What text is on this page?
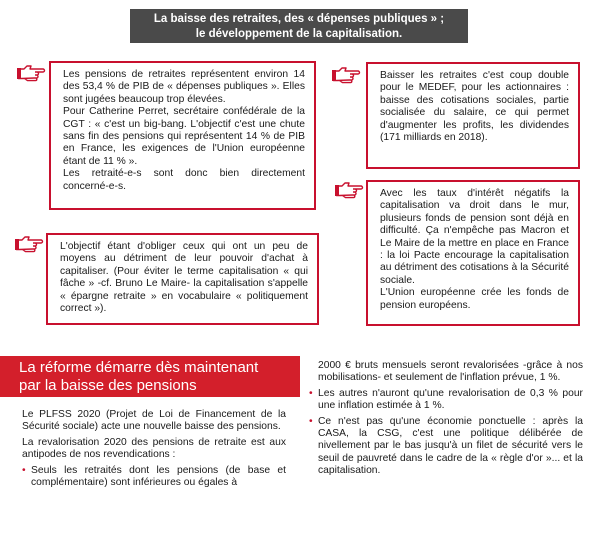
La baisse des retraites, des « dépenses publiques » ;
le développement de la capitalisation.

Les pensions de retraites représentent environ 14 des 53,4 % de PIB de « dépenses publiques ». Elles sont jugées beaucoup trop élevées.

Pour Catherine Perret, secrétaire confédérale de la CGT : « c'est un big-bang. L'objectif c'est une chute sans fin des pensions qui représentent 14 % de PIB en France, les exigences de l'Union européenne étant de 11 % ».

Les retraité-e-s sont donc bien directement concerné-e-s.

L'objectif étant d'obliger ceux qui ont un peu de moyens au détriment de leur pouvoir d'achat à capitaliser. (Pour éviter le terme capitalisation « qui fâche » -cf. Bruno Le Maire- la capitalisation s'appelle « épargne retraite » en vocabulaire « politiquement correct »).

Baisser les retraites c'est coup double pour le MEDEF, pour les actionnaires : baisse des cotisations sociales, partie socialisée du salaire, ce qui permet d'augmenter les profits, les dividendes (171 milliards en 2018).

Avec les taux d'intérêt négatifs la capitalisation va droit dans le mur, plusieurs fonds de pension sont déjà en difficulté. Ça n'empêche pas Macron et Le Maire de la mettre en place en France : la loi Pacte encourage la capitalisation au détriment des cotisations à la Sécurité sociale.

L'Union européenne crée les fonds de pension européens.

La réforme démarre dès maintenant
par la baisse des pensions

Le PLFSS 2020 (Projet de Loi de Financement de la Sécurité sociale) acte une nouvelle baisse des pensions.

La revalorisation 2020 des pensions de retraite est aux antipodes de nos revendications :

• Seuls les retraités dont les pensions (de base et complémentaire) sont inférieures ou égales à

2000 € bruts mensuels seront revalorisées -grâce à nos mobilisations- et seulement de l'inflation prévue, 1 %.

• Les autres n'auront qu'une revalorisation de 0,3 % pour une inflation estimée à 1 %.

• Ce n'est pas qu'une économie ponctuelle : après la CASA, la CSG, c'est une politique délibérée de nivellement par le bas jusqu'à un filet de sécurité vers le seuil de pauvreté dans le cadre de la « règle d'or »... et la capitalisation.
